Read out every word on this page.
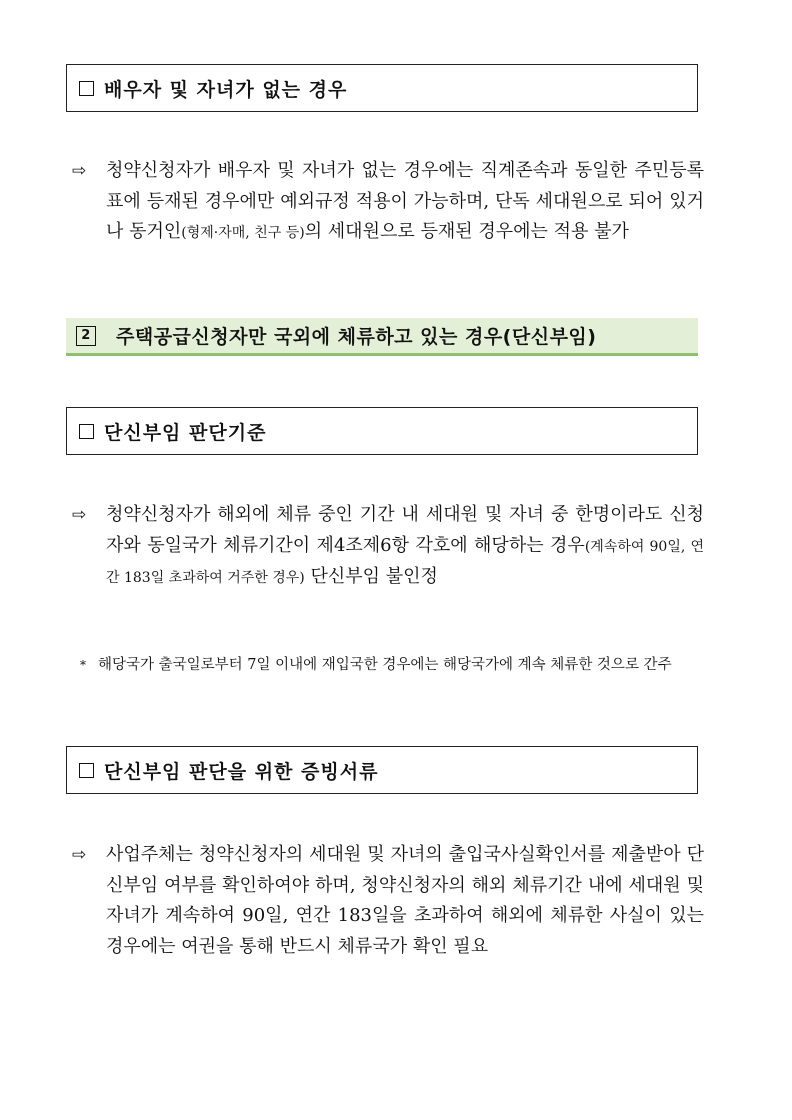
배우자 및 자녀가 없는 경우
⇨ 청약신청자가 배우자 및 자녀가 없는 경우에는 직계존속과 동일한 주민등록표에 등재된 경우에만 예외규정 적용이 가능하며, 단독 세대원으로 되어 있거나 동거인(형제·자매, 친구 등)의 세대원으로 등재된 경우에는 적용 불가
2 주택공급신청자만 국외에 체류하고 있는 경우(단신부임)
단신부임 판단기준
⇨ 청약신청자가 해외에 체류 중인 기간 내 세대원 및 자녀 중 한명이라도 신청자와 동일국가 체류기간이 제4조제6항 각호에 해당하는 경우(계속하여 90일, 연간 183일 초과하여 거주한 경우) 단신부임 불인정
* 해당국가 출국일로부터 7일 이내에 재입국한 경우에는 해당국가에 계속 체류한 것으로 간주
단신부임 판단을 위한 증빙서류
⇨ 사업주체는 청약신청자의 세대원 및 자녀의 출입국사실확인서를 제출받아 단신부임 여부를 확인하여야 하며, 청약신청자의 해외 체류기간 내에 세대원 및 자녀가 계속하여 90일, 연간 183일을 초과하여 해외에 체류한 사실이 있는 경우에는 여권을 통해 반드시 체류국가 확인 필요
